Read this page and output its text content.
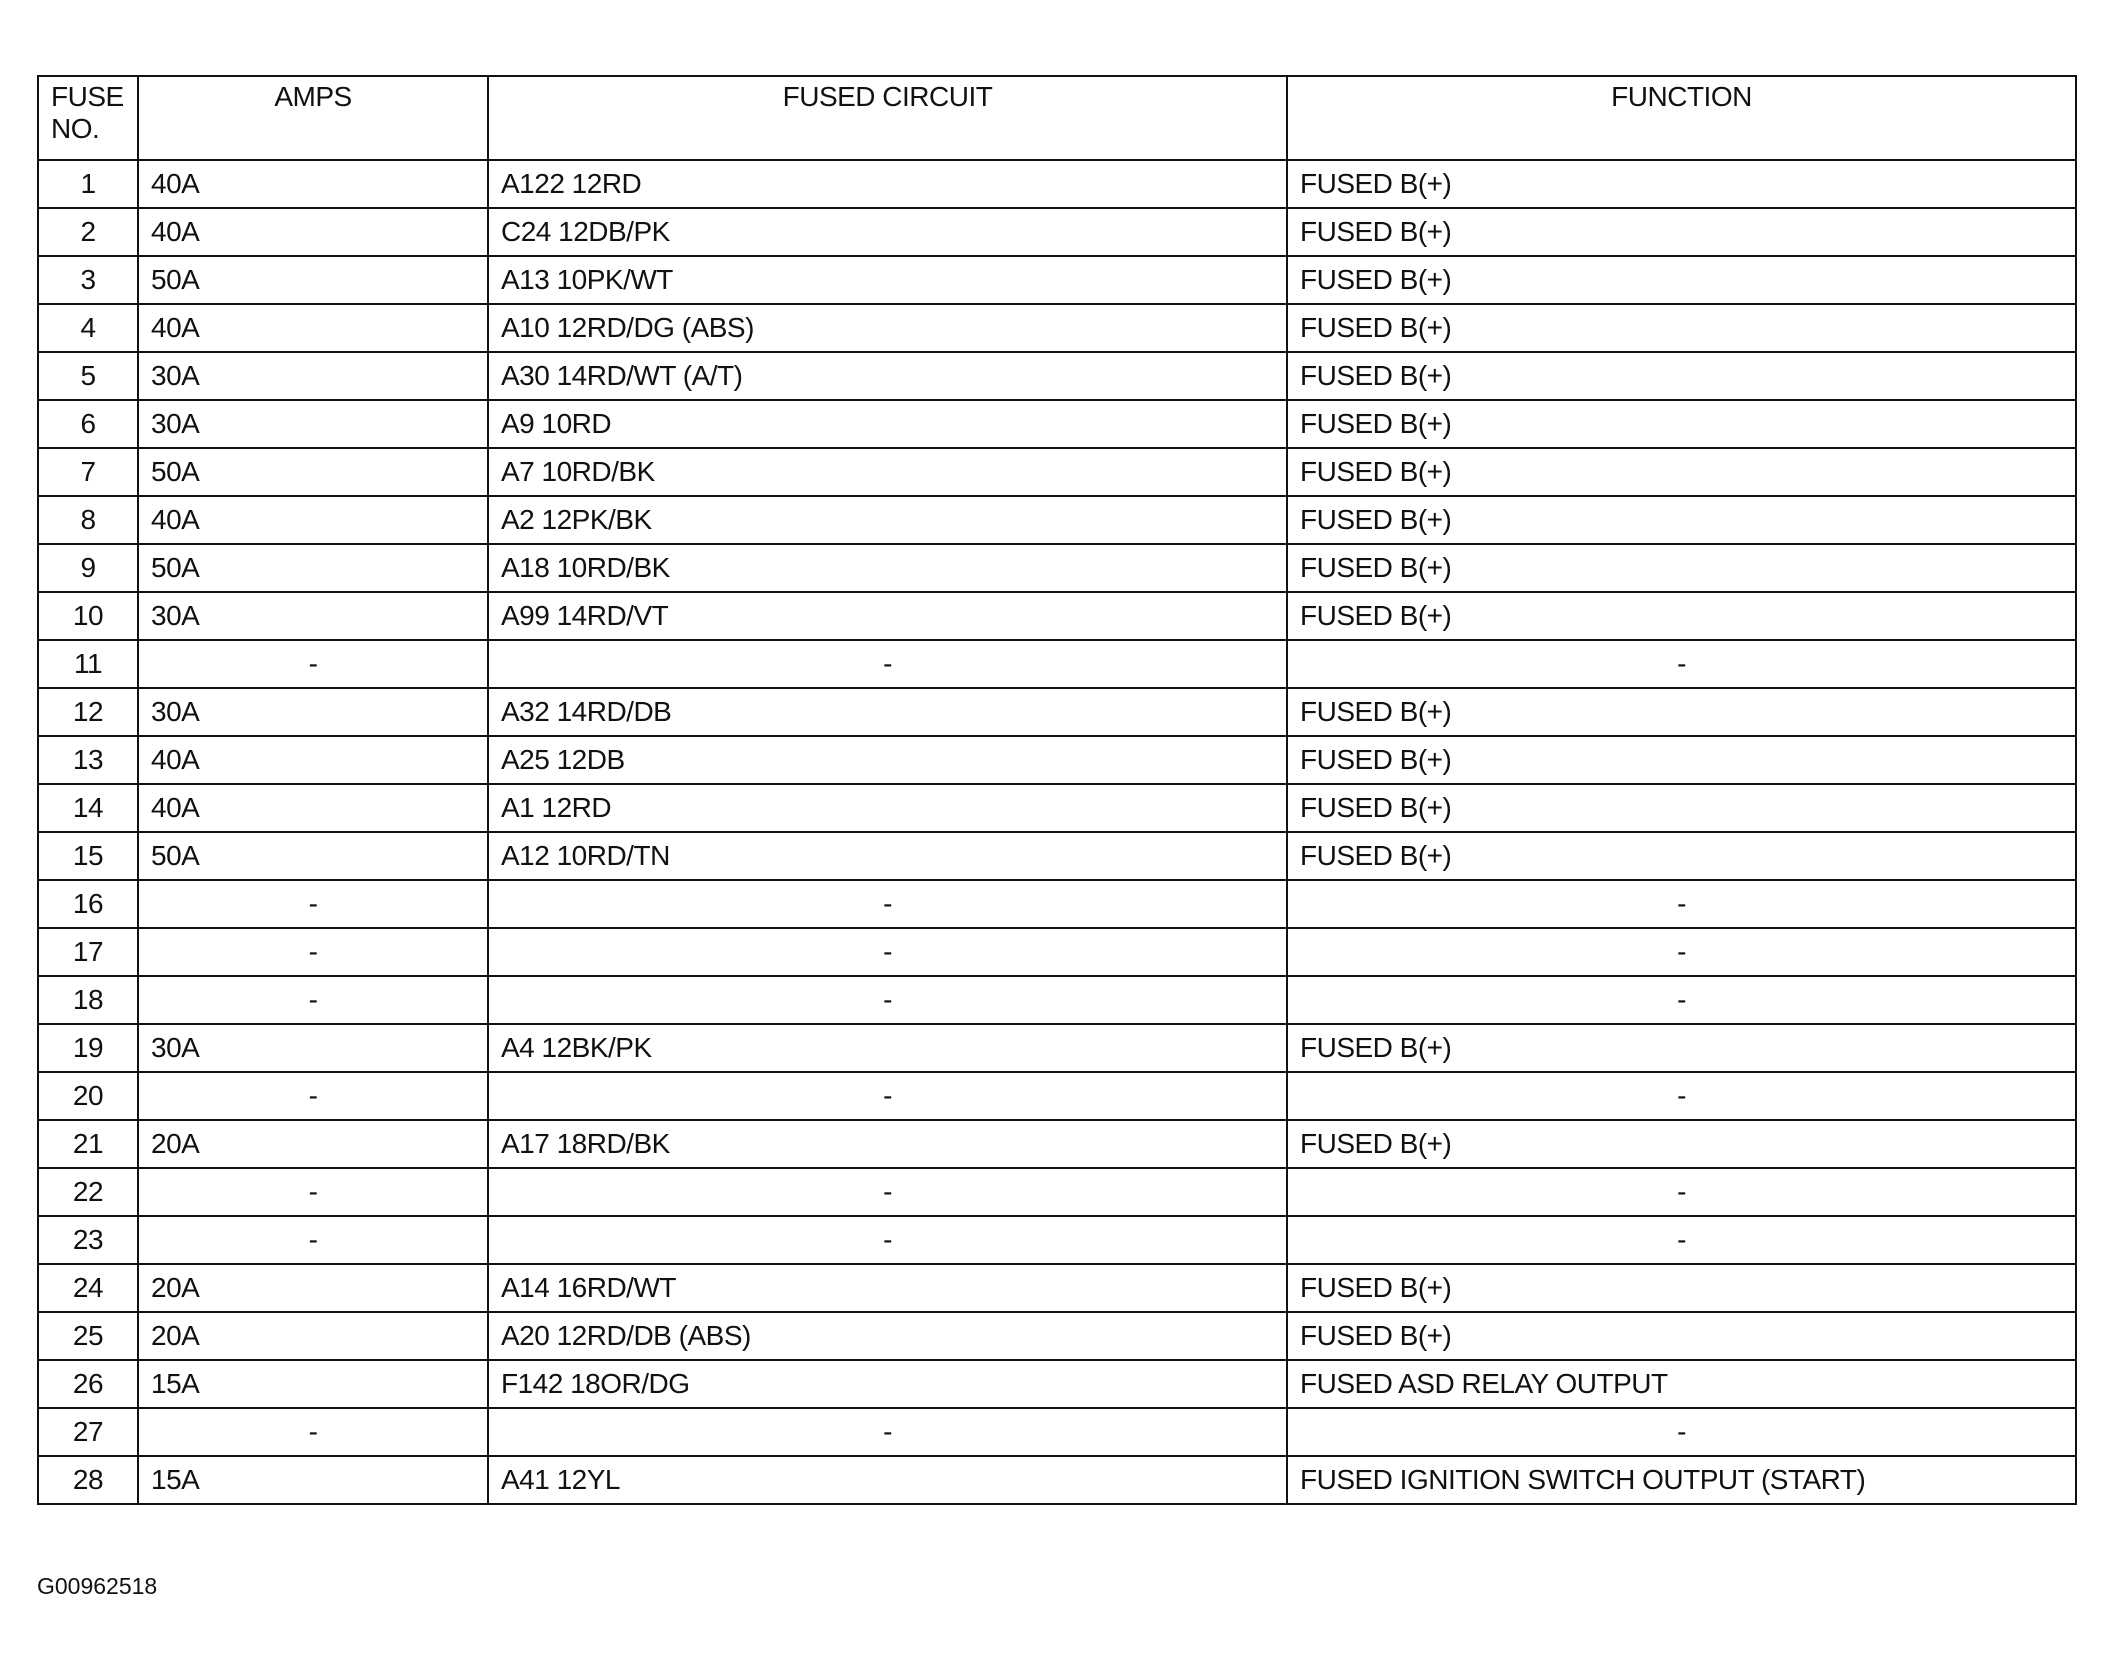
FUSE
NO.	AMPS	FUSED CIRCUIT	FUNCTION
1	40A	A122 12RD	FUSED B(+)
2	40A	C24 12DB/PK	FUSED B(+)
3	50A	A13 10PK/WT	FUSED B(+)
4	40A	A10 12RD/DG (ABS)	FUSED B(+)
5	30A	A30 14RD/WT (A/T)	FUSED B(+)
6	30A	A9 10RD	FUSED B(+)
7	50A	A7 10RD/BK	FUSED B(+)
8	40A	A2 12PK/BK	FUSED B(+)
9	50A	A18 10RD/BK	FUSED B(+)
10	30A	A99 14RD/VT	FUSED B(+)
11	-	-	-
12	30A	A32 14RD/DB	FUSED B(+)
13	40A	A25 12DB	FUSED B(+)
14	40A	A1 12RD	FUSED B(+)
15	50A	A12 10RD/TN	FUSED B(+)
16	-	-	-
17	-	-	-
18	-	-	-
19	30A	A4 12BK/PK	FUSED B(+)
20	-	-	-
21	20A	A17 18RD/BK	FUSED B(+)
22	-	-	-
23	-	-	-
24	20A	A14 16RD/WT	FUSED B(+)
25	20A	A20 12RD/DB (ABS)	FUSED B(+)
26	15A	F142 18OR/DG	FUSED ASD RELAY OUTPUT
27	-	-	-
28	15A	A41 12YL	FUSED IGNITION SWITCH OUTPUT (START)
G00962518
